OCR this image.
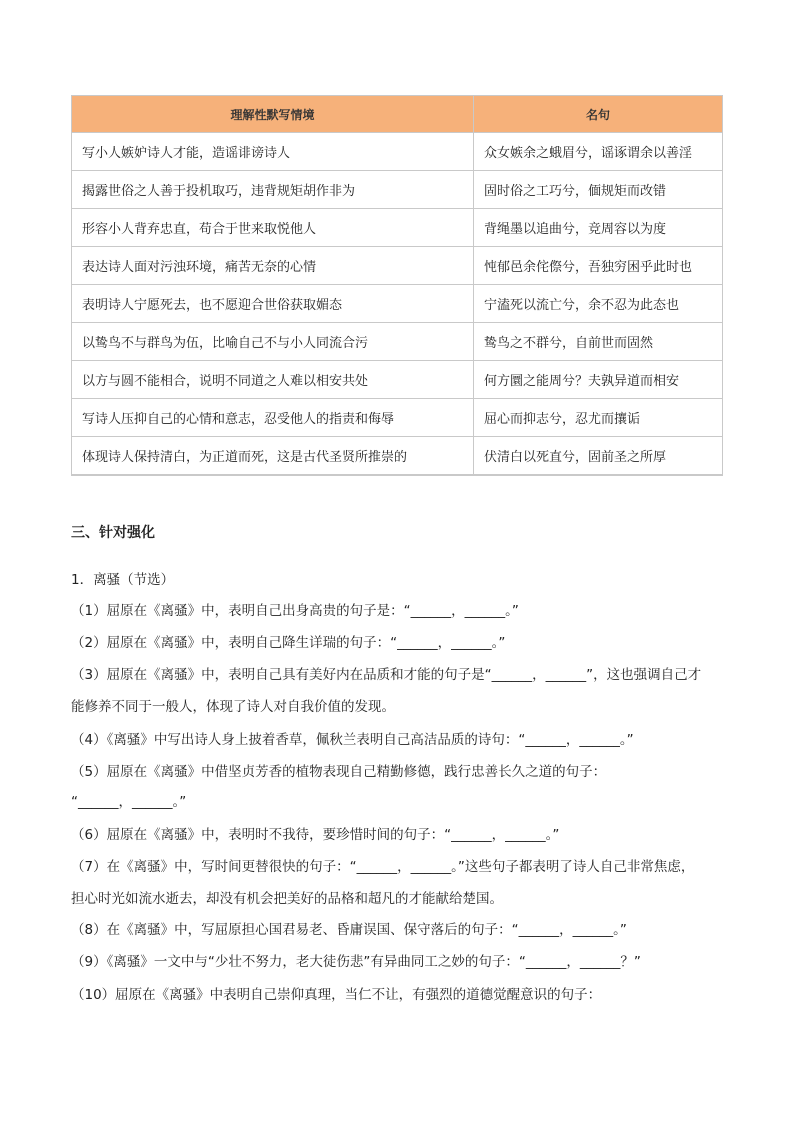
理解性默写情境	名句
写小人嫉妒诗人才能，造谣诽谤诗人	众女嫉余之蛾眉兮，谣诼谓余以善淫
揭露世俗之人善于投机取巧，违背规矩胡作非为	固时俗之工巧兮，偭规矩而改错
形容小人背弃忠直，苟合于世来取悦他人	背绳墨以追曲兮，竞周容以为度
表达诗人面对污浊环境，痛苦无奈的心情	忳郁邑余侘傺兮，吾独穷困乎此时也
表明诗人宁愿死去，也不愿迎合世俗获取媚态	宁溘死以流亡兮，余不忍为此态也
以鸷鸟不与群鸟为伍，比喻自己不与小人同流合污	鸷鸟之不群兮，自前世而固然
以方与圆不能相合，说明不同道之人难以相安共处	何方圜之能周兮？夫孰异道而相安
写诗人压抑自己的心情和意志，忍受他人的指责和侮辱	屈心而抑志兮，忍尤而攘诟
体现诗人保持清白，为正道而死，这是古代圣贤所推崇的	伏清白以死直兮，固前圣之所厚
三、针对强化
1．离骚（节选）
（1）屈原在《离骚》中，表明自己出身高贵的句子是：“______，______。”
（2）屈原在《离骚》中，表明自己降生详瑞的句子：“______，______。”
（3）屈原在《离骚》中，表明自己具有美好内在品质和才能的句子是“______，______”，这也强调自己才
能修养不同于一般人，体现了诗人对自我价值的发现。
（4）《离骚》中写出诗人身上披着香草，佩秋兰表明自己高洁品质的诗句：“______，______。”
（5）屈原在《离骚》中借坚贞芳香的植物表现自己精勤修德，践行忠善长久之道的句子：
“______，______。”
（6）屈原在《离骚》中，表明时不我待，要珍惜时间的句子：“______，______。”
（7）在《离骚》中，写时间更替很快的句子：“______，______。”这些句子都表明了诗人自己非常焦虑，
担心时光如流水逝去，却没有机会把美好的品格和超凡的才能献给楚国。
（8）在《离骚》中，写屈原担心国君易老、昏庸误国、保守落后的句子：“______，______。”
（9）《离骚》一文中与“少壮不努力，老大徒伤悲”有异曲同工之妙的句子：“______，______？”
（10）屈原在《离骚》中表明自己崇仰真理，当仁不让，有强烈的道德觉醒意识的句子：
